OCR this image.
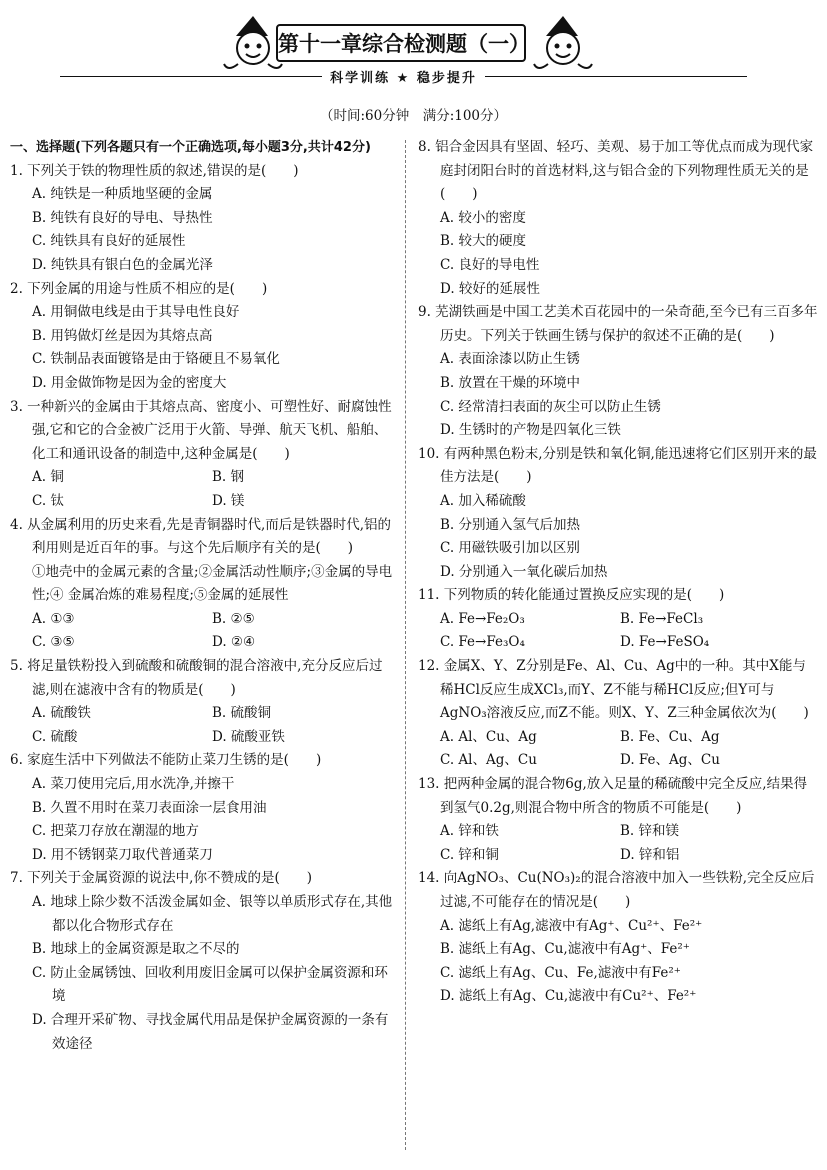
第十一章综合检测题（一）
科学训练 ★ 稳步提升
（时间:60分钟　满分:100分）
一、选择题(下列各题只有一个正确选项,每小题3分,共计42分)
1. 下列关于铁的物理性质的叙述,错误的是(　　)
A. 纯铁是一种质地坚硬的金属
B. 纯铁有良好的导电、导热性
C. 纯铁具有良好的延展性
D. 纯铁具有银白色的金属光泽
2. 下列金属的用途与性质不相应的是(　　)
A. 用铜做电线是由于其导电性良好
B. 用钨做灯丝是因为其熔点高
C. 铁制品表面镀铬是由于铬硬且不易氧化
D. 用金做饰物是因为金的密度大
3. 一种新兴的金属由于其熔点高、密度小、可塑性好、耐腐蚀性强,它和它的合金被广泛用于火箭、导弹、航天飞机、船舶、化工和通讯设备的制造中,这种金属是(　　)
A. 铜	B. 钢
C. 钛	D. 镁
4. 从金属利用的历史来看,先是青铜器时代,而后是铁器时代,铝的利用则是近百年的事。与这个先后顺序有关的是(　　)
①地壳中的金属元素的含量;②金属活动性顺序;③金属的导电性;④ 金属冶炼的难易程度;⑤金属的延展性
A. ①③	B. ②⑤
C. ③⑤	D. ②④
5. 将足量铁粉投入到硫酸和硫酸铜的混合溶液中,充分反应后过滤,则在滤液中含有的物质是(　　)
A. 硫酸铁	B. 硫酸铜
C. 硫酸	D. 硫酸亚铁
6. 家庭生活中下列做法不能防止菜刀生锈的是(　　)
A. 菜刀使用完后,用水洗净,并擦干
B. 久置不用时在菜刀表面涂一层食用油
C. 把菜刀存放在潮湿的地方
D. 用不锈钢菜刀取代普通菜刀
7. 下列关于金属资源的说法中,你不赞成的是(　　)
A. 地球上除少数不活泼金属如金、银等以单质形式存在,其他都以化合物形式存在
B. 地球上的金属资源是取之不尽的
C. 防止金属锈蚀、回收利用废旧金属可以保护金属资源和环境
D. 合理开采矿物、寻找金属代用品是保护金属资源的一条有效途径
8. 铝合金因具有坚固、轻巧、美观、易于加工等优点而成为现代家庭封闭阳台时的首选材料,这与铝合金的下列物理性质无关的是(　　)
A. 较小的密度
B. 较大的硬度
C. 良好的导电性
D. 较好的延展性
9. 芜湖铁画是中国工艺美术百花园中的一朵奇葩,至今已有三百多年历史。下列关于铁画生锈与保护的叙述不正确的是(　　)
A. 表面涂漆以防止生锈
B. 放置在干燥的环境中
C. 经常清扫表面的灰尘可以防止生锈
D. 生锈时的产物是四氧化三铁
10. 有两种黑色粉末,分别是铁和氧化铜,能迅速将它们区别开来的最佳方法是(　　)
A. 加入稀硫酸
B. 分别通入氢气后加热
C. 用磁铁吸引加以区别
D. 分别通入一氧化碳后加热
11. 下列物质的转化能通过置换反应实现的是(　　)
A. Fe→Fe₂O₃	B. Fe→FeCl₃
C. Fe→Fe₃O₄	D. Fe→FeSO₄
12. 金属X、Y、Z分别是Fe、Al、Cu、Ag中的一种。其中X能与稀HCl反应生成XCl₃,而Y、Z不能与稀HCl反应;但Y可与AgNO₃溶液反应,而Z不能。则X、Y、Z三种金属依次为(　　)
A. Al、Cu、Ag	B. Fe、Cu、Ag
C. Al、Ag、Cu	D. Fe、Ag、Cu
13. 把两种金属的混合物6g,放入足量的稀硫酸中完全反应,结果得到氢气0.2g,则混合物中所含的物质不可能是(　　)
A. 锌和铁	B. 锌和镁
C. 锌和铜	D. 锌和铝
14. 向AgNO₃、Cu(NO₃)₂的混合溶液中加入一些铁粉,完全反应后过滤,不可能存在的情况是(　　)
A. 滤纸上有Ag,滤液中有Ag⁺、Cu²⁺、Fe²⁺
B. 滤纸上有Ag、Cu,滤液中有Ag⁺、Fe²⁺
C. 滤纸上有Ag、Cu、Fe,滤液中有Fe²⁺
D. 滤纸上有Ag、Cu,滤液中有Cu²⁺、Fe²⁺
